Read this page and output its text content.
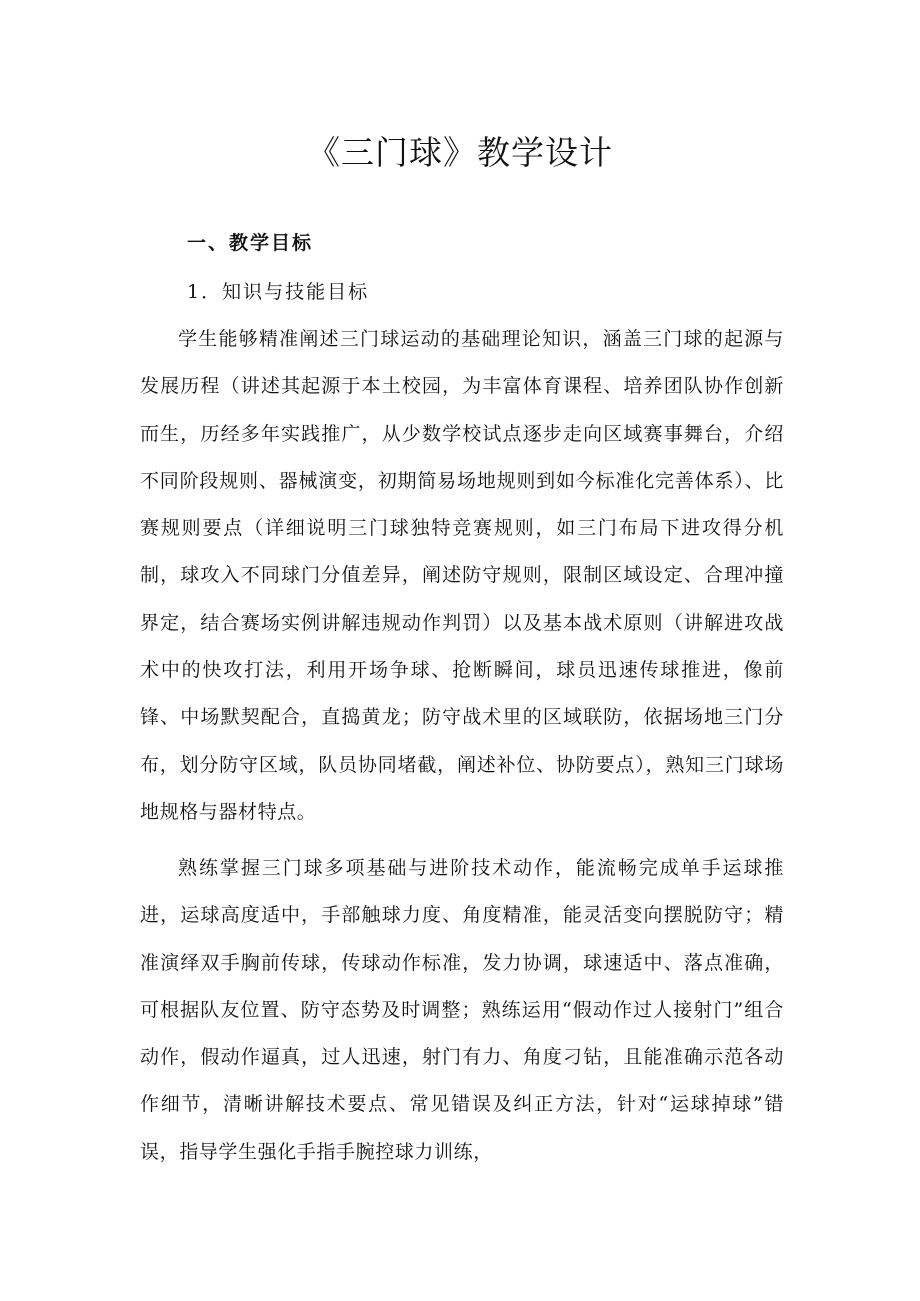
《三门球》教学设计
一、教学目标
1．知识与技能目标

学生能够精准阐述三门球运动的基础理论知识，涵盖三门球的起源与发展历程（讲述其起源于本土校园，为丰富体育课程、培养团队协作创新而生，历经多年实践推广，从少数学校试点逐步走向区域赛事舞台，介绍不同阶段规则、器械演变，初期简易场地规则到如今标准化完善体系）、比赛规则要点（详细说明三门球独特竞赛规则，如三门布局下进攻得分机制，球攻入不同球门分值差异，阐述防守规则，限制区域设定、合理冲撞界定，结合赛场实例讲解违规动作判罚）以及基本战术原则（讲解进攻战术中的快攻打法，利用开场争球、抢断瞬间，球员迅速传球推进，像前锋、中场默契配合，直捣黄龙；防守战术里的区域联防，依据场地三门分布，划分防守区域，队员协同堵截，阐述补位、协防要点），熟知三门球场地规格与器材特点。

熟练掌握三门球多项基础与进阶技术动作，能流畅完成单手运球推进，运球高度适中，手部触球力度、角度精准，能灵活变向摆脱防守；精准演绎双手胸前传球，传球动作标准，发力协调，球速适中、落点准确，可根据队友位置、防守态势及时调整；熟练运用“假动作过人接射门”组合动作，假动作逼真，过人迅速，射门有力、角度刁钻，且能准确示范各动作细节，清晰讲解技术要点、常见错误及纠正方法，针对“运球掉球”错误，指导学生强化手指手腕控球力训练，
